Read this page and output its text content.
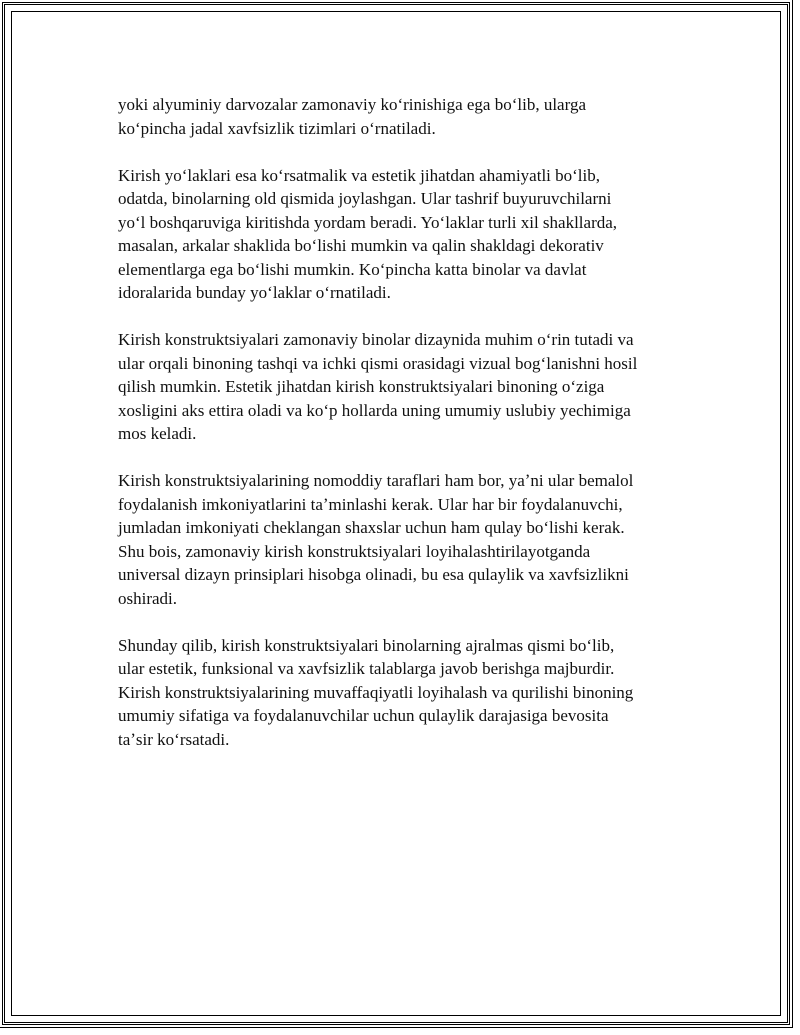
yoki alyuminiy darvozalar zamonaviy koʻrinishiga ega boʻlib, ularga
koʻpincha jadal xavfsizlik tizimlari oʻrnatiladi.

Kirish yoʻlaklari esa koʻrsatmalik va estetik jihatdan ahamiyatli boʻlib,
odatda, binolarning old qismida joylashgan. Ular tashrif buyuruvchilarni
yoʻl boshqaruviga kiritishda yordam beradi. Yoʻlaklar turli xil shakllarda,
masalan, arkalar shaklida boʻlishi mumkin va qalin shakldagi dekorativ
elementlarga ega boʻlishi mumkin. Koʻpincha katta binolar va davlat
idoralarida bunday yoʻlaklar oʻrnatiladi.

Kirish konstruktsiyalari zamonaviy binolar dizaynida muhim oʻrin tutadi va
ular orqali binoning tashqi va ichki qismi orasidagi vizual bogʻlanishni hosil
qilish mumkin. Estetik jihatdan kirish konstruktsiyalari binoning oʻziga
xosligini aks ettira oladi va koʻp hollarda uning umumiy uslubiy yechimiga
mos keladi.

Kirish konstruktsiyalarining nomoddiy taraflari ham bor, yaʼni ular bemalol
foydalanish imkoniyatlarini taʼminlashi kerak. Ular har bir foydalanuvchi,
jumladan imkoniyati cheklangan shaxslar uchun ham qulay boʻlishi kerak.
Shu bois, zamonaviy kirish konstruktsiyalari loyihalashtirilayotganda
universal dizayn prinsiplari hisobga olinadi, bu esa qulaylik va xavfsizlikni
oshiradi.

Shunday qilib, kirish konstruktsiyalari binolarning ajralmas qismi boʻlib,
ular estetik, funksional va xavfsizlik talablarga javob berishga majburdir.
Kirish konstruktsiyalarining muvaffaqiyatli loyihalash va qurilishi binoning
umumiy sifatiga va foydalanuvchilar uchun qulaylik darajasiga bevosita
taʼsir koʻrsatadi.
